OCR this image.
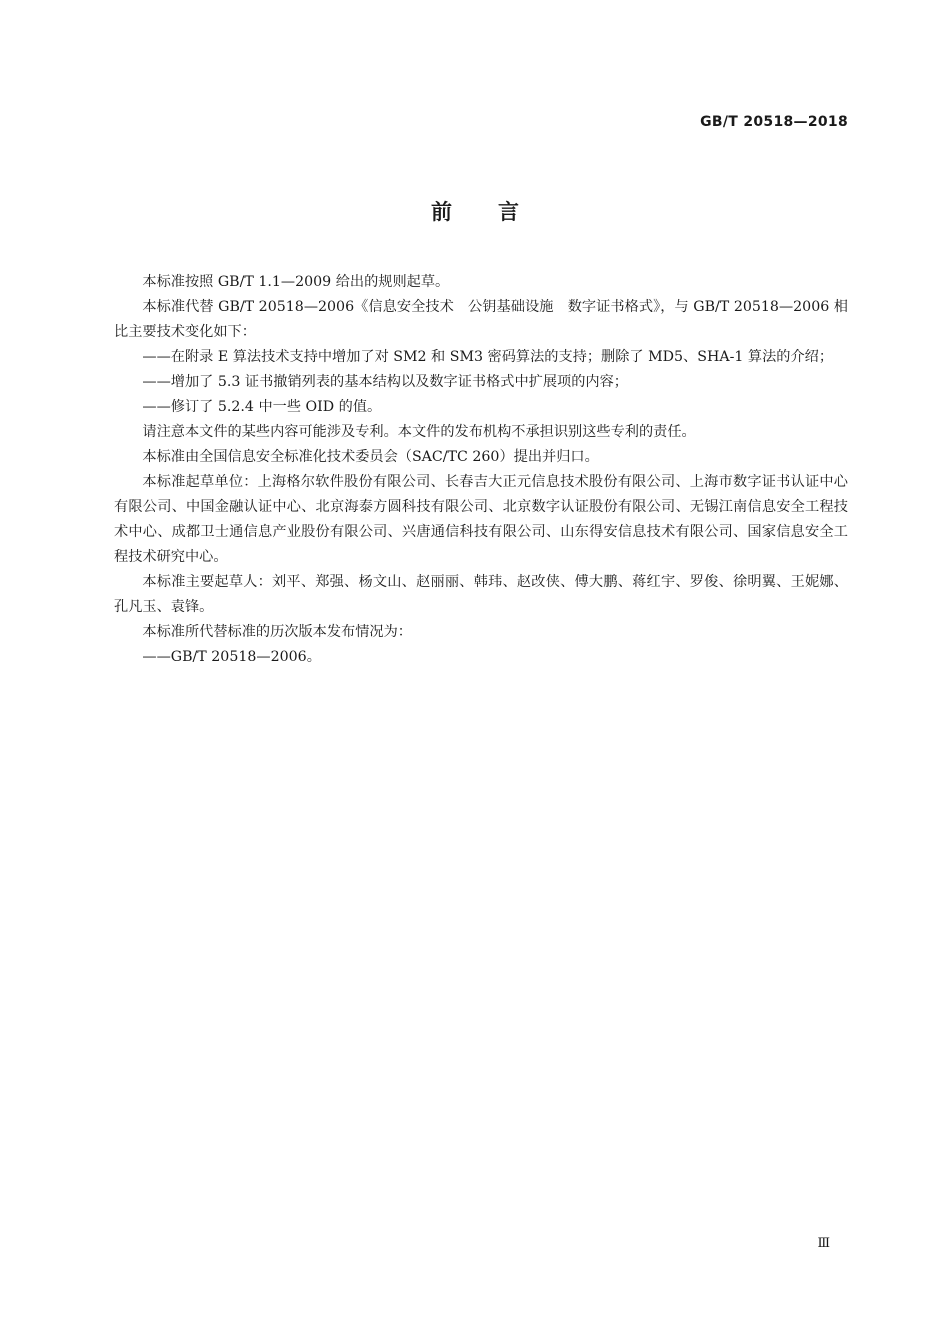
GB/T 20518—2018
前言

本标准按照 GB/T 1.1—2009 给出的规则起草。

本标准代替 GB/T 20518—2006《信息安全技术　公钥基础设施　数字证书格式》，与 GB/T 20518—2006 相比主要技术变化如下：

——在附录 E 算法技术支持中增加了对 SM2 和 SM3 密码算法的支持；删除了 MD5、SHA-1 算法的介绍；

——增加了 5.3 证书撤销列表的基本结构以及数字证书格式中扩展项的内容；

——修订了 5.2.4 中一些 OID 的值。

请注意本文件的某些内容可能涉及专利。本文件的发布机构不承担识别这些专利的责任。

本标准由全国信息安全标准化技术委员会（SAC/TC 260）提出并归口。

本标准起草单位：上海格尔软件股份有限公司、长春吉大正元信息技术股份有限公司、上海市数字证书认证中心有限公司、中国金融认证中心、北京海泰方圆科技有限公司、北京数字认证股份有限公司、无锡江南信息安全工程技术中心、成都卫士通信息产业股份有限公司、兴唐通信科技有限公司、山东得安信息技术有限公司、国家信息安全工程技术研究中心。

本标准主要起草人：刘平、郑强、杨文山、赵丽丽、韩玮、赵改侠、傅大鹏、蒋红宇、罗俊、徐明翼、王妮娜、孔凡玉、袁锋。

本标准所代替标准的历次版本发布情况为：

——GB/T 20518—2006。

Ⅲ
